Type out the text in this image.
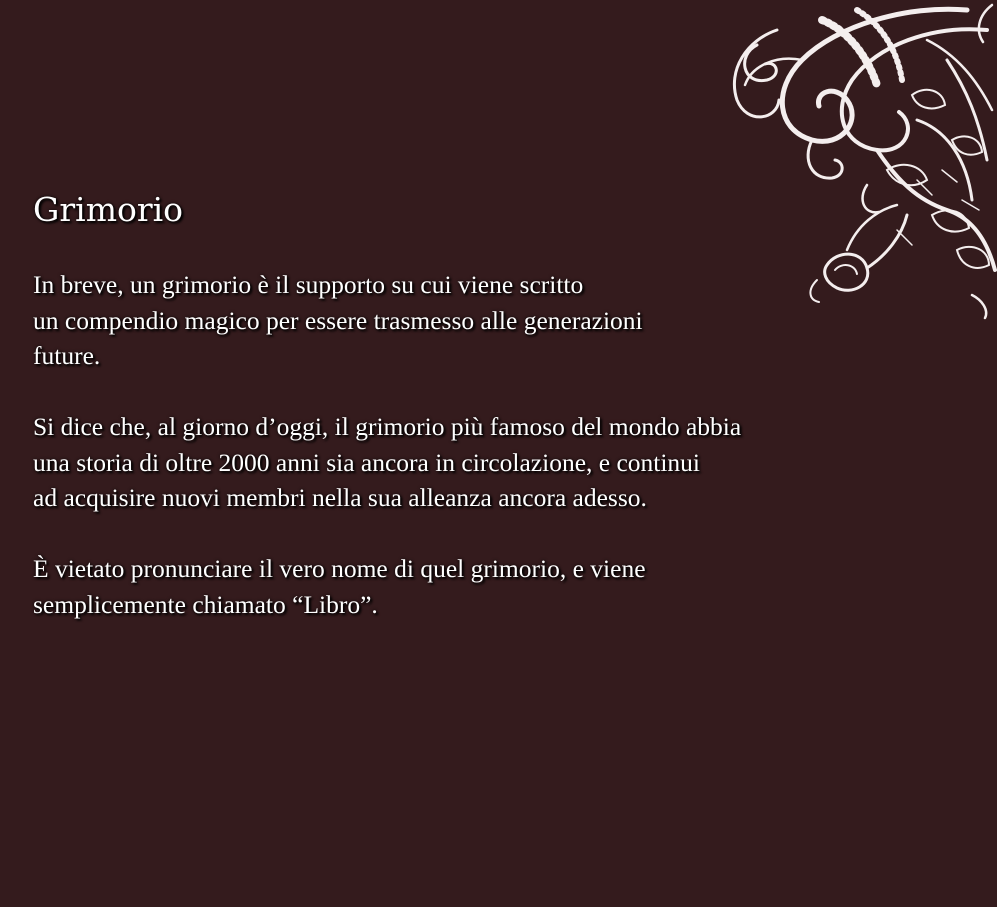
Grimorio

In breve, un grimorio è il supporto su cui viene scritto
un compendio magico per essere trasmesso alle generazioni
future.

Si dice che, al giorno d’oggi, il grimorio più famoso del mondo abbia
una storia di oltre 2000 anni sia ancora in circolazione, e continui
ad acquisire nuovi membri nella sua alleanza ancora adesso.

È vietato pronunciare il vero nome di quel grimorio, e viene
semplicemente chiamato “Libro”.
